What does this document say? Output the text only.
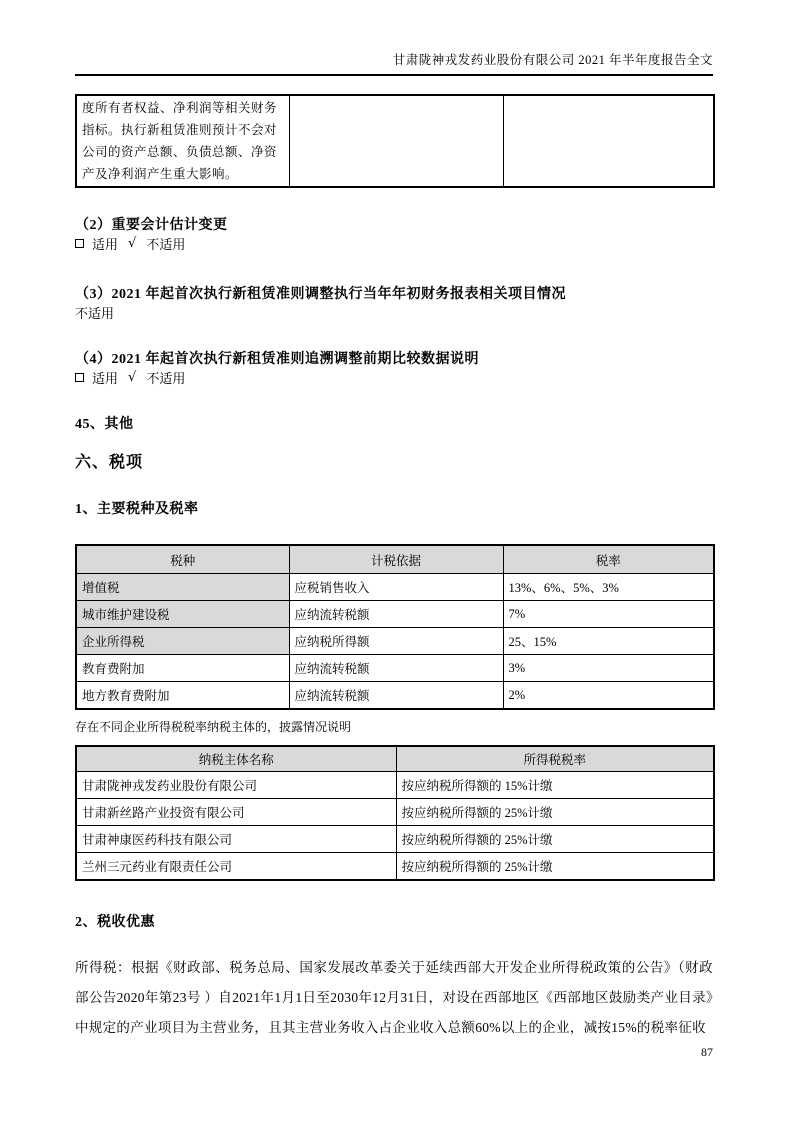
甘肃陇神戎发药业股份有限公司 2021 年半年度报告全文
度所有者权益、净利润等相关财务指标。执行新租赁准则预计不会对公司的资产总额、负债总额、净资产及净利润产生重大影响。		

（2）重要会计估计变更

适用 √ 不适用

（3）2021 年起首次执行新租赁准则调整执行当年年初财务报表相关项目情况

不适用

（4）2021 年起首次执行新租赁准则追溯调整前期比较数据说明

适用 √ 不适用

45、其他

六、税项

1、主要税种及税率

税种	计税依据	税率
增值税	应税销售收入	13%、6%、5%、3%
城市维护建设税	应纳流转税额	7%
企业所得税	应纳税所得额	25、15%
教育费附加	应纳流转税额	3%
地方教育费附加	应纳流转税额	2%

存在不同企业所得税税率纳税主体的，披露情况说明

纳税主体名称	所得税税率
甘肃陇神戎发药业股份有限公司	按应纳税所得额的 15%计缴
甘肃新丝路产业投资有限公司	按应纳税所得额的 25%计缴
甘肃神康医药科技有限公司	按应纳税所得额的 25%计缴
兰州三元药业有限责任公司	按应纳税所得额的 25%计缴

2、税收优惠

所得税：根据《财政部、税务总局、国家发展改革委关于延续西部大开发企业所得税政策的公告》（财政部公告2020年第23号 ）自2021年1月1日至2030年12月31日，对设在西部地区《西部地区鼓励类产业目录》中规定的产业项目为主营业务，且其主营业务收入占企业收入总额60%以上的企业，减按15%的税率征收

87
